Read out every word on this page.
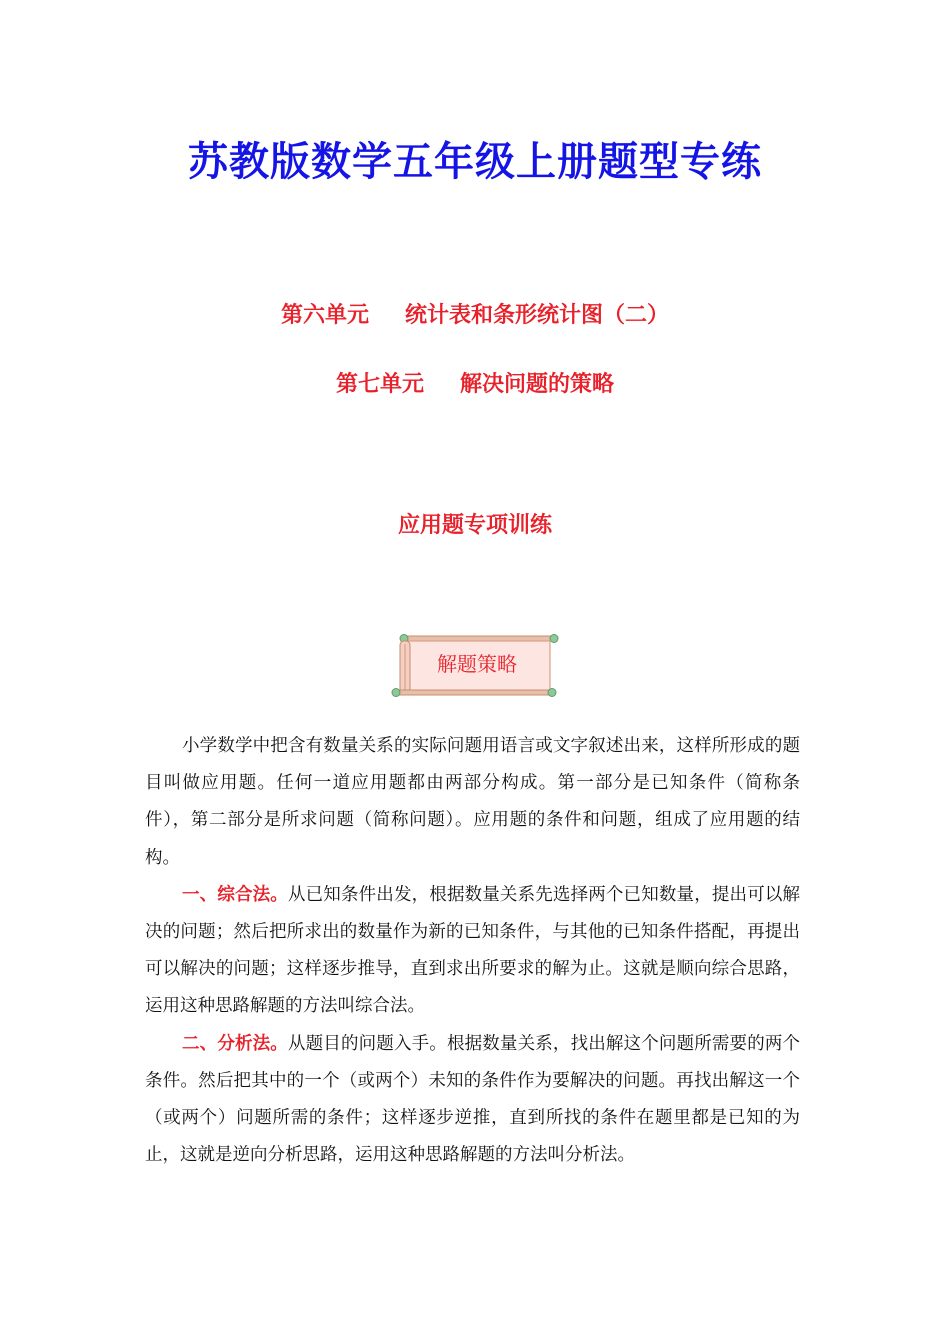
苏教版数学五年级上册题型专练
第六单元 统计表和条形统计图（二）
第七单元 解决问题的策略
应用题专项训练
解题策略

小学数学中把含有数量关系的实际问题用语言或文字叙述出来，这样所形成的题目叫做应用题。任何一道应用题都由两部分构成。第一部分是已知条件（简称条件），第二部分是所求问题（简称问题）。应用题的条件和问题，组成了应用题的结构。

一、综合法。从已知条件出发，根据数量关系先选择两个已知数量，提出可以解决的问题；然后把所求出的数量作为新的已知条件，与其他的已知条件搭配，再提出可以解决的问题；这样逐步推导，直到求出所要求的解为止。这就是顺向综合思路，运用这种思路解题的方法叫综合法。

二、分析法。从题目的问题入手。根据数量关系，找出解这个问题所需要的两个条件。然后把其中的一个（或两个）未知的条件作为要解决的问题。再找出解这一个（或两个）问题所需的条件；这样逐步逆推，直到所找的条件在题里都是已知的为止，这就是逆向分析思路，运用这种思路解题的方法叫分析法。
